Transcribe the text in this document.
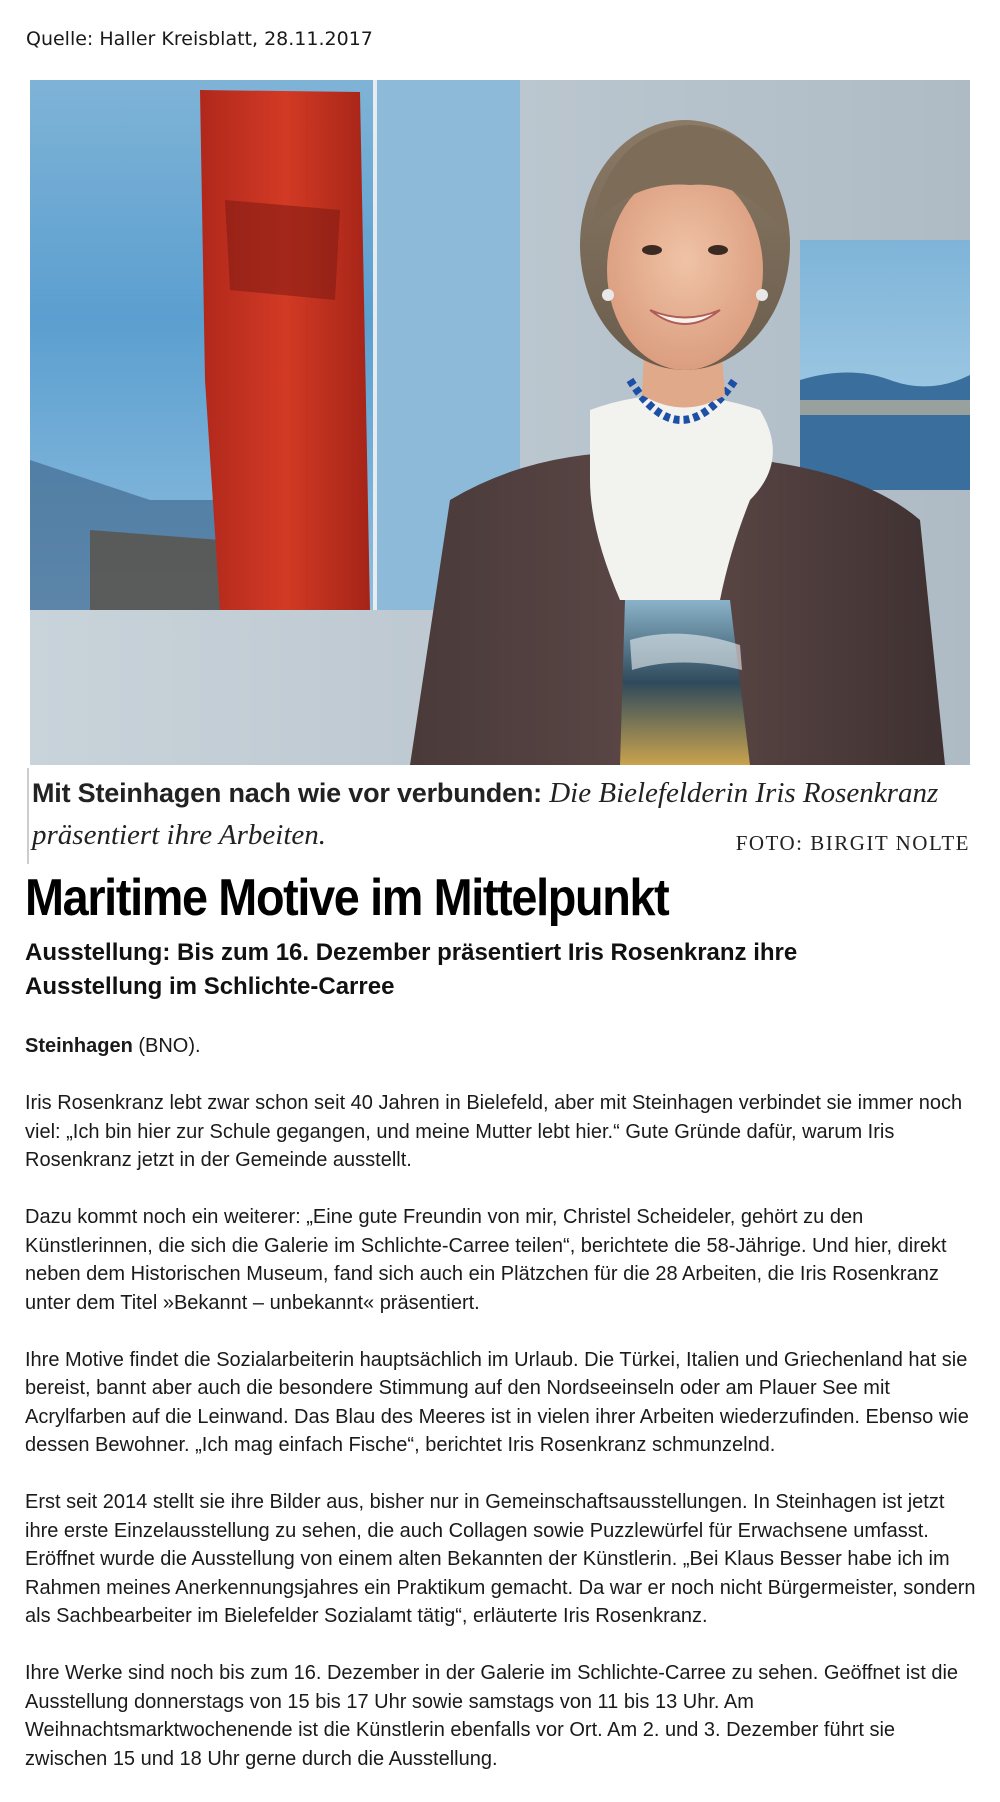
Quelle: Haller Kreisblatt, 28.11.2017
Mit Steinhagen nach wie vor verbunden: Die Bielefelderin Iris Rosenkranz präsentiert ihre Arbeiten.	FOTO: BIRGIT NOLTE
Maritime Motive im Mittelpunkt
Ausstellung: Bis zum 16. Dezember präsentiert Iris Rosenkranz ihre Ausstellung im Schlichte-Carree

Steinhagen (BNO).

Iris Rosenkranz lebt zwar schon seit 40 Jahren in Bielefeld, aber mit Steinhagen verbindet sie immer noch viel: „Ich bin hier zur Schule gegangen, und meine Mutter lebt hier.“ Gute Gründe dafür, warum Iris Rosenkranz jetzt in der Gemeinde ausstellt.

Dazu kommt noch ein weiterer: „Eine gute Freundin von mir, Christel Scheideler, gehört zu den Künstlerinnen, die sich die Galerie im Schlichte-Carree teilen“, berichtete die 58-Jährige. Und hier, direkt neben dem Historischen Museum, fand sich auch ein Plätzchen für die 28 Arbeiten, die Iris Rosenkranz unter dem Titel »Bekannt – unbekannt« präsentiert.

Ihre Motive findet die Sozialarbeiterin hauptsächlich im Urlaub. Die Türkei, Italien und Griechenland hat sie bereist, bannt aber auch die besondere Stimmung auf den Nordseeinseln oder am Plauer See mit Acrylfarben auf die Leinwand. Das Blau des Meeres ist in vielen ihrer Arbeiten wiederzufinden. Ebenso wie dessen Bewohner. „Ich mag einfach Fische“, berichtet Iris Rosenkranz schmunzelnd.

Erst seit 2014 stellt sie ihre Bilder aus, bisher nur in Gemeinschaftsausstellungen. In Steinhagen ist jetzt ihre erste Einzelausstellung zu sehen, die auch Collagen sowie Puzzlewürfel für Erwachsene umfasst. Eröffnet wurde die Ausstellung von einem alten Bekannten der Künstlerin. „Bei Klaus Besser habe ich im Rahmen meines Anerkennungsjahres ein Praktikum gemacht. Da war er noch nicht Bürgermeister, sondern als Sachbearbeiter im Bielefelder Sozialamt tätig“, erläuterte Iris Rosenkranz.

Ihre Werke sind noch bis zum 16. Dezember in der Galerie im Schlichte-Carree zu sehen. Geöffnet ist die Ausstellung donnerstags von 15 bis 17 Uhr sowie samstags von 11 bis 13 Uhr. Am Weihnachtsmarktwochenende ist die Künstlerin ebenfalls vor Ort. Am 2. und 3. Dezember führt sie zwischen 15 und 18 Uhr gerne durch die Ausstellung.
